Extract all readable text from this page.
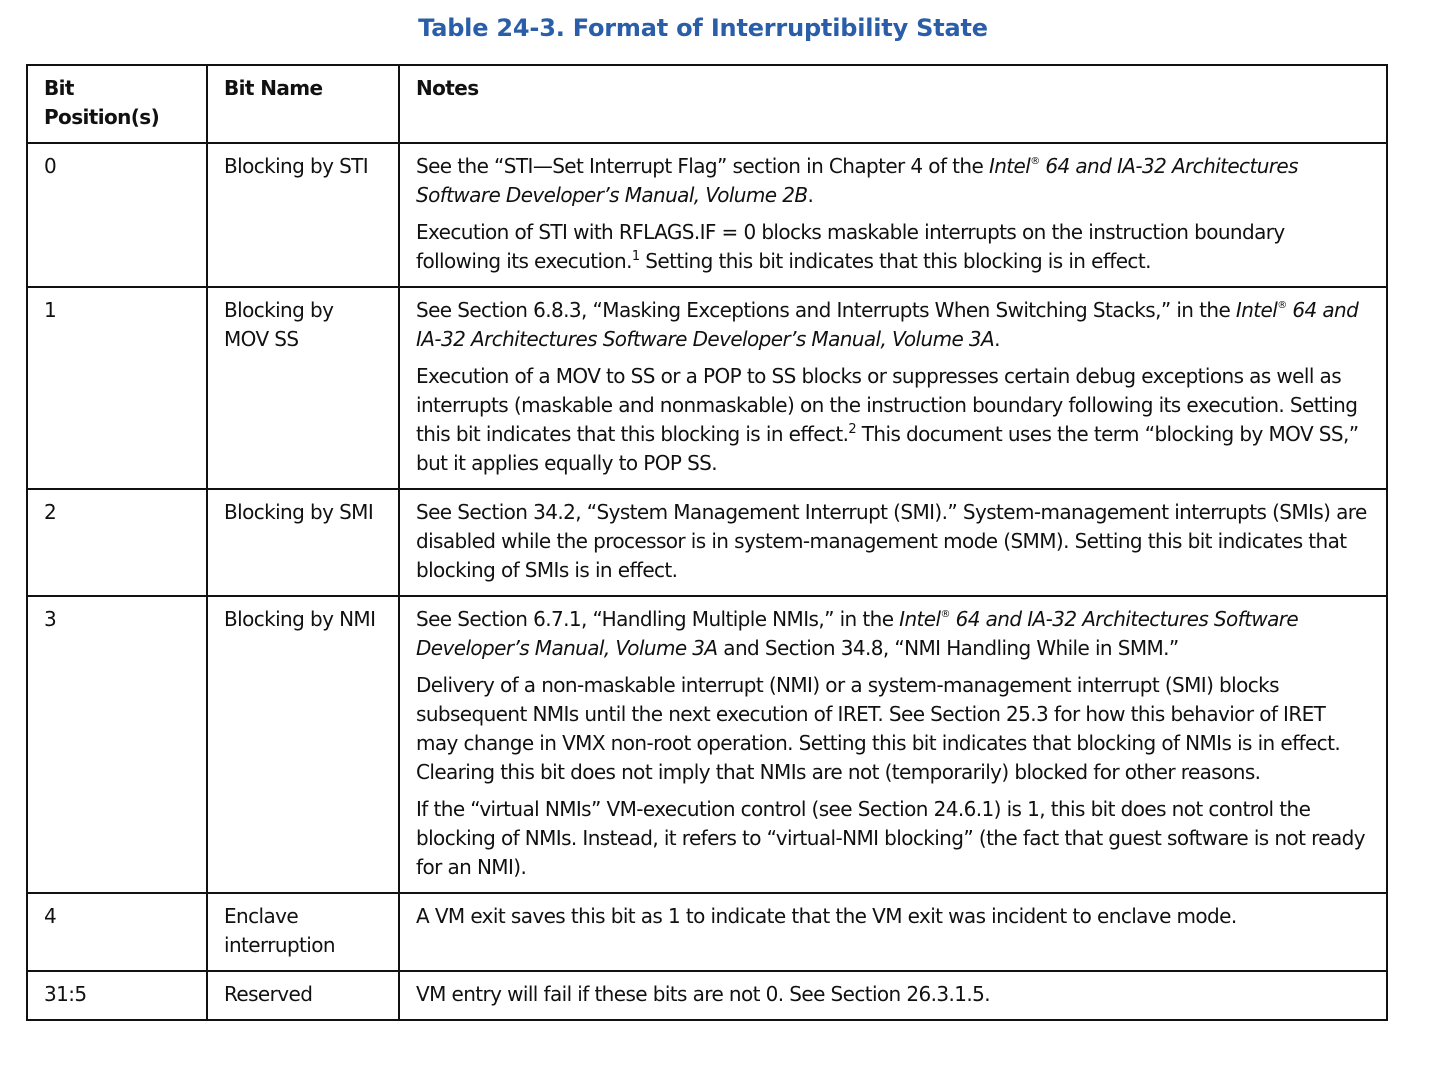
Table 24-3. Format of Interruptibility State
Bit Position(s)	Bit Name	Notes
0	Blocking by STI	See the “STI—Set Interrupt Flag” section in Chapter 4 of the Intel® 64 and IA-32 Architectures Software Developer’s Manual, Volume 2B.

Execution of STI with RFLAGS.IF = 0 blocks maskable interrupts on the instruction boundary following its execution.$^1$ Setting this bit indicates that this blocking is in effect.

1	Blocking by MOV SS	See Section 6.8.3, “Masking Exceptions and Interrupts When Switching Stacks,” in the Intel® 64 and IA-32 Architectures Software Developer’s Manual, Volume 3A.

Execution of a MOV to SS or a POP to SS blocks or suppresses certain debug exceptions as well as interrupts (maskable and nonmaskable) on the instruction boundary following its execution. Setting this bit indicates that this blocking is in effect.$^2$ This document uses the term “blocking by MOV SS,” but it applies equally to POP SS.

2	Blocking by SMI	See Section 34.2, “System Management Interrupt (SMI).” System-management interrupts (SMIs) are disabled while the processor is in system-management mode (SMM). Setting this bit indicates that blocking of SMIs is in effect.

3	Blocking by NMI	See Section 6.7.1, “Handling Multiple NMIs,” in the Intel® 64 and IA-32 Architectures Software Developer’s Manual, Volume 3A and Section 34.8, “NMI Handling While in SMM.”

Delivery of a non-maskable interrupt (NMI) or a system-management interrupt (SMI) blocks subsequent NMIs until the next execution of IRET. See Section 25.3 for how this behavior of IRET may change in VMX non-root operation. Setting this bit indicates that blocking of NMIs is in effect. Clearing this bit does not imply that NMIs are not (temporarily) blocked for other reasons.

If the “virtual NMIs” VM-execution control (see Section 24.6.1) is 1, this bit does not control the blocking of NMIs. Instead, it refers to “virtual-NMI blocking” (the fact that guest software is not ready for an NMI).

4	Enclave interruption	A VM exit saves this bit as 1 to indicate that the VM exit was incident to enclave mode.

31:5	Reserved	VM entry will fail if these bits are not 0. See Section 26.3.1.5.
